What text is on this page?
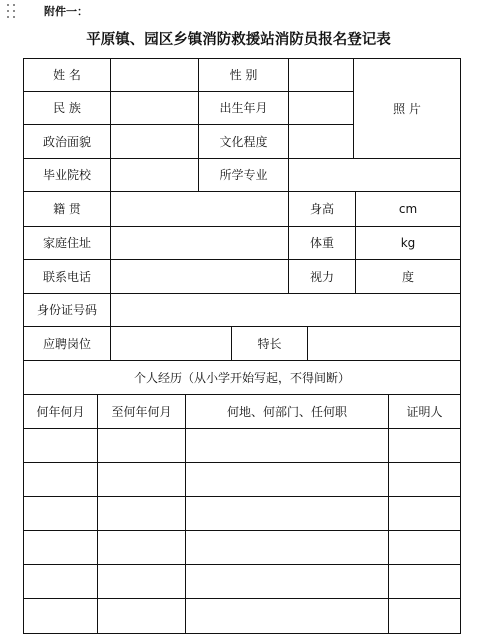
附件一：
平原镇、园区乡镇消防救援站消防员报名登记表
姓 名	性 别
照 片
民 族	出生年月
政治面貌	文化程度
毕业院校	所学专业
籍 贯	身高	cm
家庭住址	体重	kg
联系电话	视力	度
身份证号码
应聘岗位	特长
个人经历（从小学开始写起，不得间断）
何年何月	至何年何月	何地、何部门、任何职	证明人
